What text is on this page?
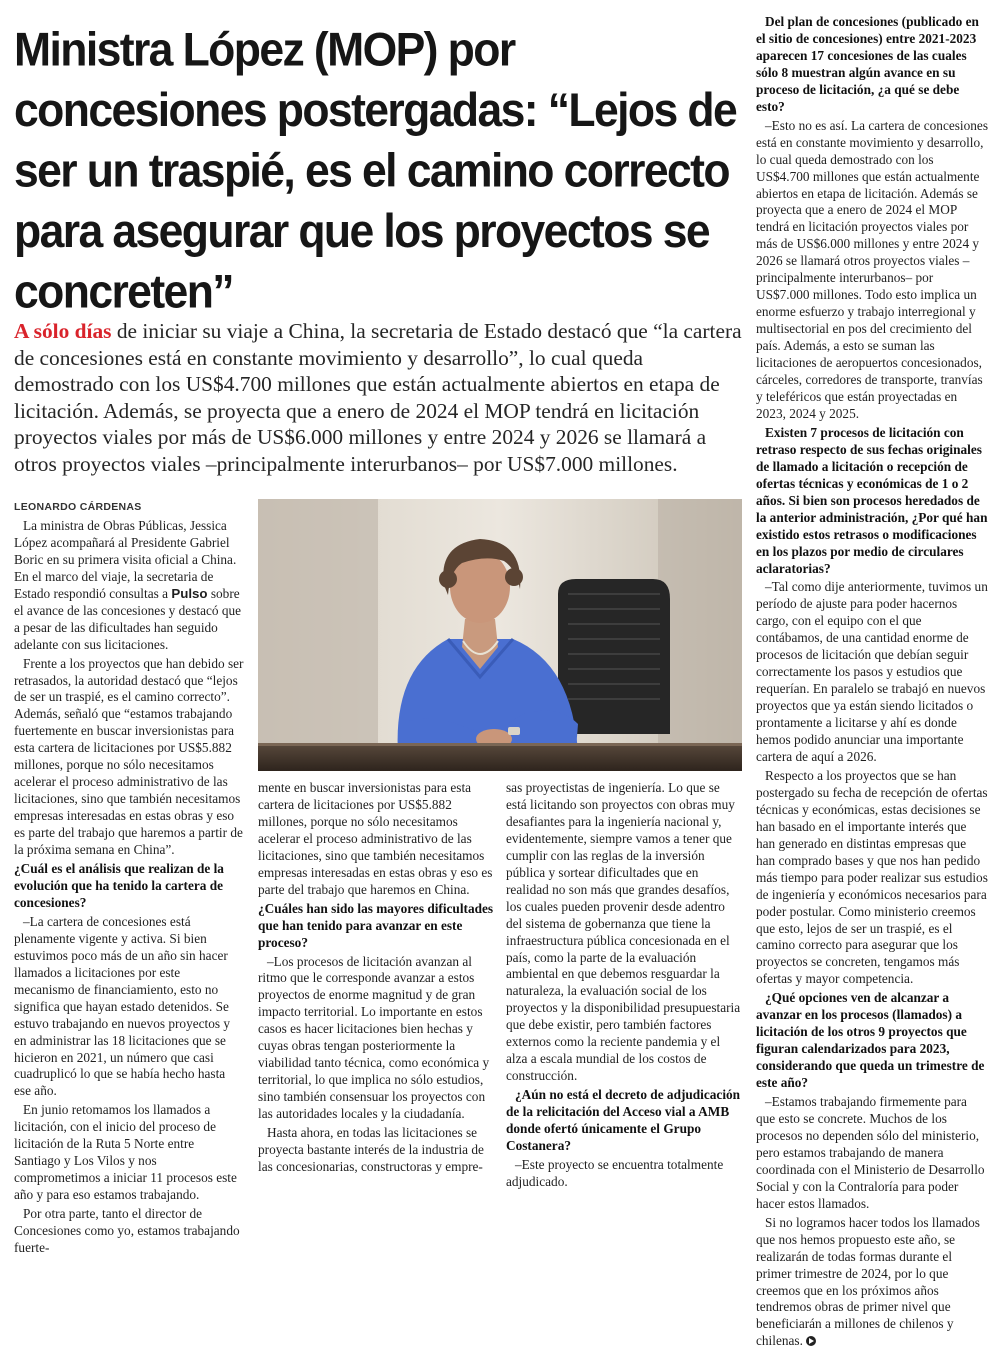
Ministra López (MOP) por concesiones postergadas: “Lejos de ser un traspié, es el camino correcto para asegurar que los proyectos se concreten”

A sólo días de iniciar su viaje a China, la secretaria de Estado destacó que “la cartera de concesiones está en constante movimiento y desarrollo”, lo cual queda demostrado con los US$4.700 millones que están actualmente abiertos en etapa de licitación. Además, se proyecta que a enero de 2024 el MOP tendrá en licitación proyectos viales por más de US$6.000 millones y entre 2024 y 2026 se llamará a otros proyectos viales –principalmente interurbanos– por US$7.000 millones.

LEONARDO CÁRDENAS

La ministra de Obras Públicas, Jessica López acompañará al Presidente Gabriel Boric en su primera visita oficial a China. En el marco del viaje, la secretaria de Estado respondió consultas a Pulso sobre el avance de las concesiones y destacó que a pesar de las dificultades han seguido adelante con sus licitaciones.

Frente a los proyectos que han debido ser retrasados, la autoridad destacó que “lejos de ser un traspié, es el camino correcto”. Además, señaló que “estamos trabajando fuertemente en buscar inversionistas para esta cartera de licitaciones por US$5.882 millones, porque no sólo necesitamos acelerar el proceso administrativo de las licitaciones, sino que también necesitamos empresas interesadas en estas obras y eso es parte del trabajo que haremos a partir de la próxima semana en China”.

¿Cuál es el análisis que realizan de la evolución que ha tenido la cartera de concesiones?

–La cartera de concesiones está plenamente vigente y activa. Si bien estuvimos poco más de un año sin hacer llamados a licitaciones por este mecanismo de financiamiento, esto no significa que hayan estado detenidos. Se estuvo trabajando en nuevos proyectos y en administrar las 18 licitaciones que se hicieron en 2021, un número que casi cuadruplicó lo que se había hecho hasta ese año.

En junio retomamos los llamados a licitación, con el inicio del proceso de licitación de la Ruta 5 Norte entre Santiago y Los Vilos y nos comprometimos a iniciar 11 procesos este año y para eso estamos trabajando.

Por otra parte, tanto el director de Concesiones como yo, estamos trabajando fuerte-

mente en buscar inversionistas para esta cartera de licitaciones por US$5.882 millones, porque no sólo necesitamos acelerar el proceso administrativo de las licitaciones, sino que también necesitamos empresas interesadas en estas obras y eso es parte del trabajo que haremos en China.

¿Cuáles han sido las mayores dificultades que han tenido para avanzar en este proceso?

–Los procesos de licitación avanzan al ritmo que le corresponde avanzar a estos proyectos de enorme magnitud y de gran impacto territorial. Lo importante en estos casos es hacer licitaciones bien hechas y cuyas obras tengan posteriormente la viabilidad tanto técnica, como económica y territorial, lo que implica no sólo estudios, sino también consensuar los proyectos con las autoridades locales y la ciudadanía.

Hasta ahora, en todas las licitaciones se proyecta bastante interés de la industria de las concesionarias, constructoras y empre-

sas proyectistas de ingeniería. Lo que se está licitando son proyectos con obras muy desafiantes para la ingeniería nacional y, evidentemente, siempre vamos a tener que cumplir con las reglas de la inversión pública y sortear dificultades que en realidad no son más que grandes desafíos, los cuales pueden provenir desde adentro del sistema de gobernanza que tiene la infraestructura pública concesionada en el país, como la parte de la evaluación ambiental en que debemos resguardar la naturaleza, la evaluación social de los proyectos y la disponibilidad presupuestaria que debe existir, pero también factores externos como la reciente pandemia y el alza a escala mundial de los costos de construcción.

¿Aún no está el decreto de adjudicación de la relicitación del Acceso vial a AMB donde ofertó únicamente el Grupo Costanera?

–Este proyecto se encuentra totalmente adjudicado.

Del plan de concesiones (publicado en el sitio de concesiones) entre 2021-2023 aparecen 17 concesiones de las cuales sólo 8 muestran algún avance en su proceso de licitación, ¿a qué se debe esto?

–Esto no es así. La cartera de concesiones está en constante movimiento y desarrollo, lo cual queda demostrado con los US$4.700 millones que están actualmente abiertos en etapa de licitación. Además se proyecta que a enero de 2024 el MOP tendrá en licitación proyectos viales por más de US$6.000 millones y entre 2024 y 2026 se llamará otros proyectos viales –principalmente interurbanos– por US$7.000 millones. Todo esto implica un enorme esfuerzo y trabajo interregional y multisectorial en pos del crecimiento del país. Además, a esto se suman las licitaciones de aeropuertos concesionados, cárceles, corredores de transporte, tranvías y teleféricos que están proyectadas en 2023, 2024 y 2025.

Existen 7 procesos de licitación con retraso respecto de sus fechas originales de llamado a licitación o recepción de ofertas técnicas y económicas de 1 o 2 años. Si bien son procesos heredados de la anterior administración, ¿Por qué han existido estos retrasos o modificaciones en los plazos por medio de circulares aclaratorias?

–Tal como dije anteriormente, tuvimos un período de ajuste para poder hacernos cargo, con el equipo con el que contábamos, de una cantidad enorme de procesos de licitación que debían seguir correctamente los pasos y estudios que requerían. En paralelo se trabajó en nuevos proyectos que ya están siendo licitados o prontamente a licitarse y ahí es donde hemos podido anunciar una importante cartera de aquí a 2026.

Respecto a los proyectos que se han postergado su fecha de recepción de ofertas técnicas y económicas, estas decisiones se han basado en el importante interés que han generado en distintas empresas que han comprado bases y que nos han pedido más tiempo para poder realizar sus estudios de ingeniería y económicos necesarios para poder postular. Como ministerio creemos que esto, lejos de ser un traspié, es el camino correcto para asegurar que los proyectos se concreten, tengamos más ofertas y mayor competencia.

¿Qué opciones ven de alcanzar a avanzar en los procesos (llamados) a licitación de los otros 9 proyectos que figuran calendarizados para 2023, considerando que queda un trimestre de este año?

–Estamos trabajando firmemente para que esto se concrete. Muchos de los procesos no dependen sólo del ministerio, pero estamos trabajando de manera coordinada con el Ministerio de Desarrollo Social y con la Contraloría para poder hacer estos llamados.

Si no logramos hacer todos los llamados que nos hemos propuesto este año, se realizarán de todas formas durante el primer trimestre de 2024, por lo que creemos que en los próximos años tendremos obras de primer nivel que beneficiarán a millones de chilenos y chilenas.
